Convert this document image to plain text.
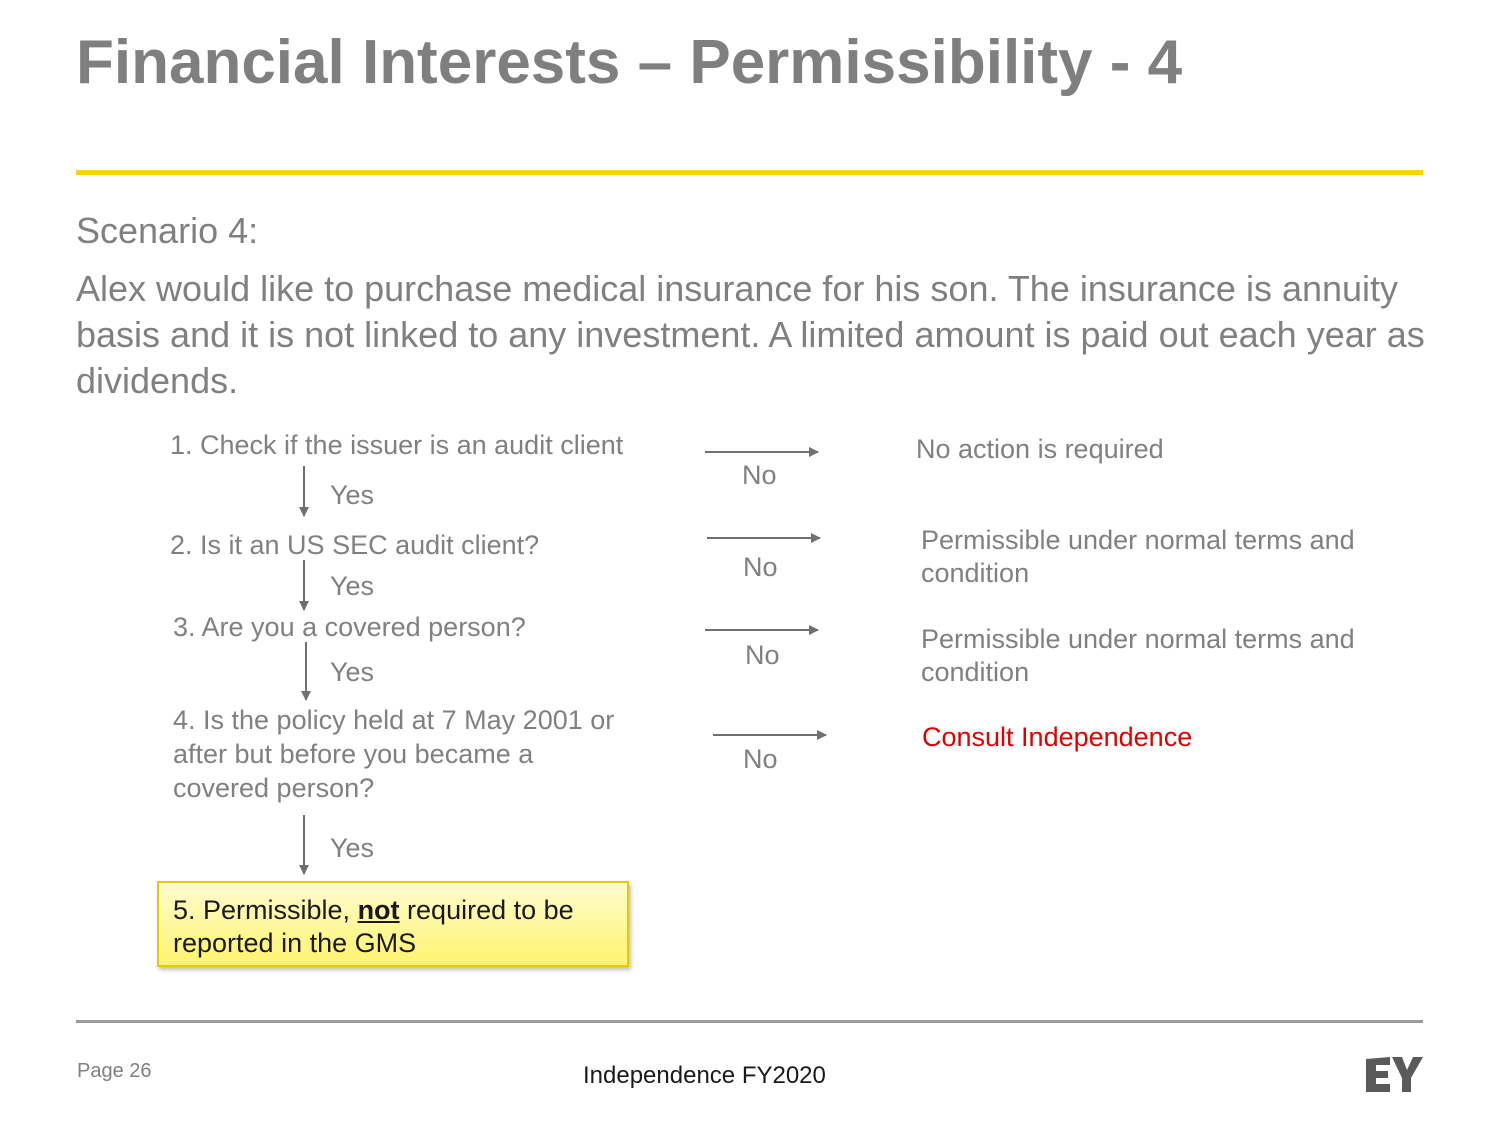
Financial Interests – Permissibility - 4
Scenario 4:
Alex would like to purchase medical insurance for his son. The insurance is annuity basis and it is not linked to any investment. A limited amount is paid out each year as dividends.
1. Check if the issuer is an audit client
2. Is it an US SEC audit client?
3. Are you a covered person?
4. Is the policy held at 7 May 2001 or after but before you became a covered person?
Yes
Yes
Yes
Yes
No
No
No
No
No action is required
Permissible under normal terms and condition
Permissible under normal terms and condition
Consult Independence
5. Permissible, not required to be reported in the GMS
Page 26	Independence FY2020
